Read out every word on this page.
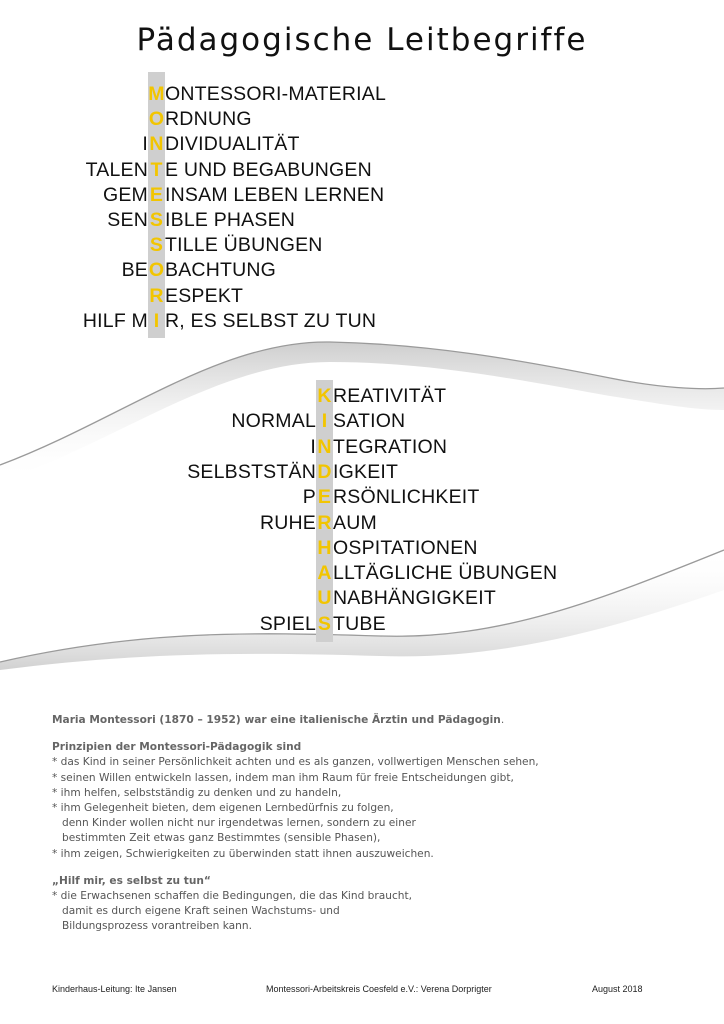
Pädagogische Leitbegriffe
M ONTESSORI-MATERIAL
O RDNUNG
I N DIVIDUALITÄT
TALEN T E UND BEGABUNGEN
GEM E INSAM LEBEN LERNEN
SEN S IBLE PHASEN
S TILLE ÜBUNGEN
BE O BACHTUNG
R ESPEKT
HILF M I R, ES SELBST ZU TUN
K REATIVITÄT
NORMAL I SATION
I N TEGRATION
SELBSTSTÄN D IGKEIT
P E RSÖNLICHKEIT
RUHE R AUM
H OSPITATIONEN
A LLTÄGLICHE ÜBUNGEN
U NABHÄNGIGKEIT
SPIEL S TUBE

Maria Montessori (1870 – 1952) war eine italienische Ärztin und Pädagogin.

Prinzipien der Montessori-Pädagogik sind

* das Kind in seiner Persönlichkeit achten und es als ganzen, vollwertigen Menschen sehen,

* seinen Willen entwickeln lassen, indem man ihm Raum für freie Entscheidungen gibt,

* ihm helfen, selbstständig zu denken und zu handeln,

* ihm Gelegenheit bieten, dem eigenen Lernbedürfnis zu folgen,

denn Kinder wollen nicht nur irgendetwas lernen, sondern zu einer

bestimmten Zeit etwas ganz Bestimmtes (sensible Phasen),

* ihm zeigen, Schwierigkeiten zu überwinden statt ihnen auszuweichen.

„Hilf mir, es selbst zu tun“

* die Erwachsenen schaffen die Bedingungen, die das Kind braucht,

damit es durch eigene Kraft seinen Wachstums- und

Bildungsprozess vorantreiben kann.

Kinderhaus-Leitung: Ite Jansen	Montessori-Arbeitskreis Coesfeld e.V.: Verena Dorprigter	August 2018
